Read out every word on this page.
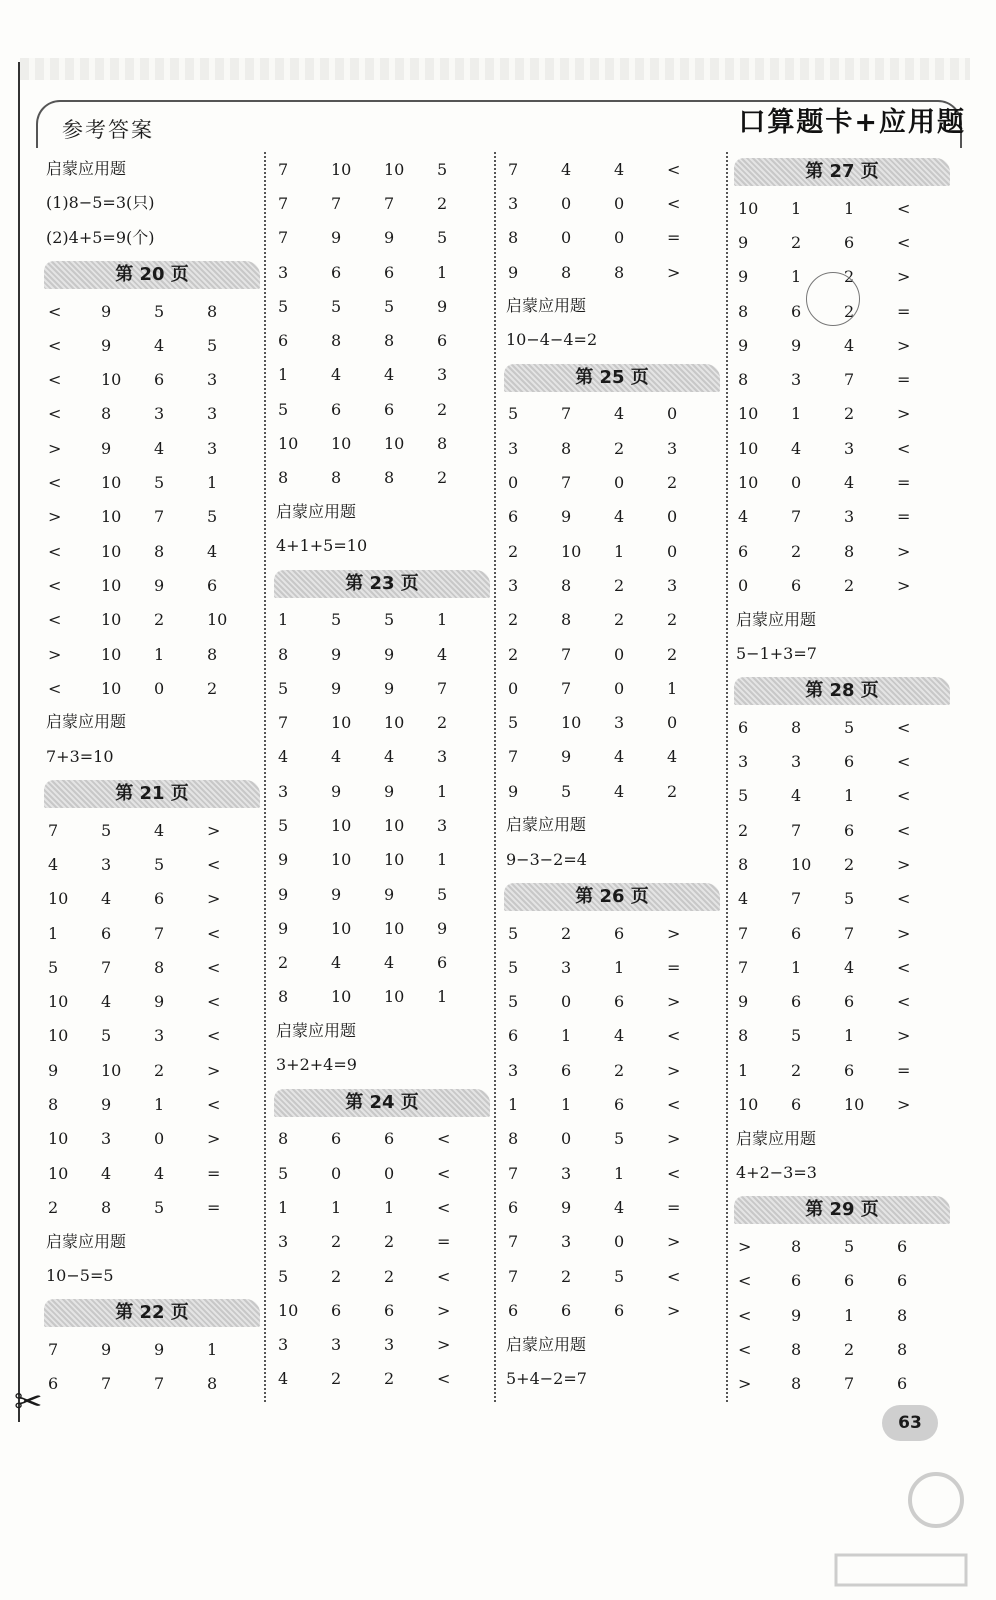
参考答案	口算题卡+应用题
启蒙应用题
(1)8−5=3(只)
(2)4+5=9(个)
第 20 页
<	9	5	8
<	9	4	5
<	10	6	3
<	8	3	3
>	9	4	3
<	10	5	1
>	10	7	5
<	10	8	4
<	10	9	6
<	10	2	10
>	10	1	8
<	10	0	2
启蒙应用题
7+3=10
第 21 页
7	5	4	>
4	3	5	<
10	4	6	>
1	6	7	<
5	7	8	<
10	4	9	<
10	5	3	<
9	10	2	>
8	9	1	<
10	3	0	>
10	4	4	=
2	8	5	=
启蒙应用题
10−5=5
第 22 页
7	9	9	1
6	7	7	8
7	10	10	5
7	7	7	2
7	9	9	5
3	6	6	1
5	5	5	9
6	8	8	6
1	4	4	3
5	6	6	2
10	10	10	8
8	8	8	2
启蒙应用题
4+1+5=10
第 23 页
1	5	5	1
8	9	9	4
5	9	9	7
7	10	10	2
4	4	4	3
3	9	9	1
5	10	10	3
9	10	10	1
9	9	9	5
9	10	10	9
2	4	4	6
8	10	10	1
启蒙应用题
3+2+4=9
第 24 页
8	6	6	<
5	0	0	<
1	1	1	<
3	2	2	=
5	2	2	<
10	6	6	>
3	3	3	>
4	2	2	<
7	4	4	<
3	0	0	<
8	0	0	=
9	8	8	>
启蒙应用题
10−4−4=2
第 25 页
5	7	4	0
3	8	2	3
0	7	0	2
6	9	4	0
2	10	1	0
3	8	2	3
2	8	2	2
2	7	0	2
0	7	0	1
5	10	3	0
7	9	4	4
9	5	4	2
启蒙应用题
9−3−2=4
第 26 页
5	2	6	>
5	3	1	=
5	0	6	>
6	1	4	<
3	6	2	>
1	1	6	<
8	0	5	>
7	3	1	<
6	9	4	=
7	3	0	>
7	2	5	<
6	6	6	>
启蒙应用题
5+4−2=7
第 27 页
10	1	1	<
9	2	6	<
9	1	2	>
8	6	2	=
9	9	4	>
8	3	7	=
10	1	2	>
10	4	3	<
10	0	4	=
4	7	3	=
6	2	8	>
0	6	2	>
启蒙应用题
5−1+3=7
第 28 页
6	8	5	<
3	3	6	<
5	4	1	<
2	7	6	<
8	10	2	>
4	7	5	<
7	6	7	>
7	1	4	<
9	6	6	<
8	5	1	>
1	2	6	=
10	6	10	>
启蒙应用题
4+2−3=3
第 29 页
>	8	5	6
<	6	6	6
<	9	1	8
<	8	2	8
>	8	7	6
✂
63
